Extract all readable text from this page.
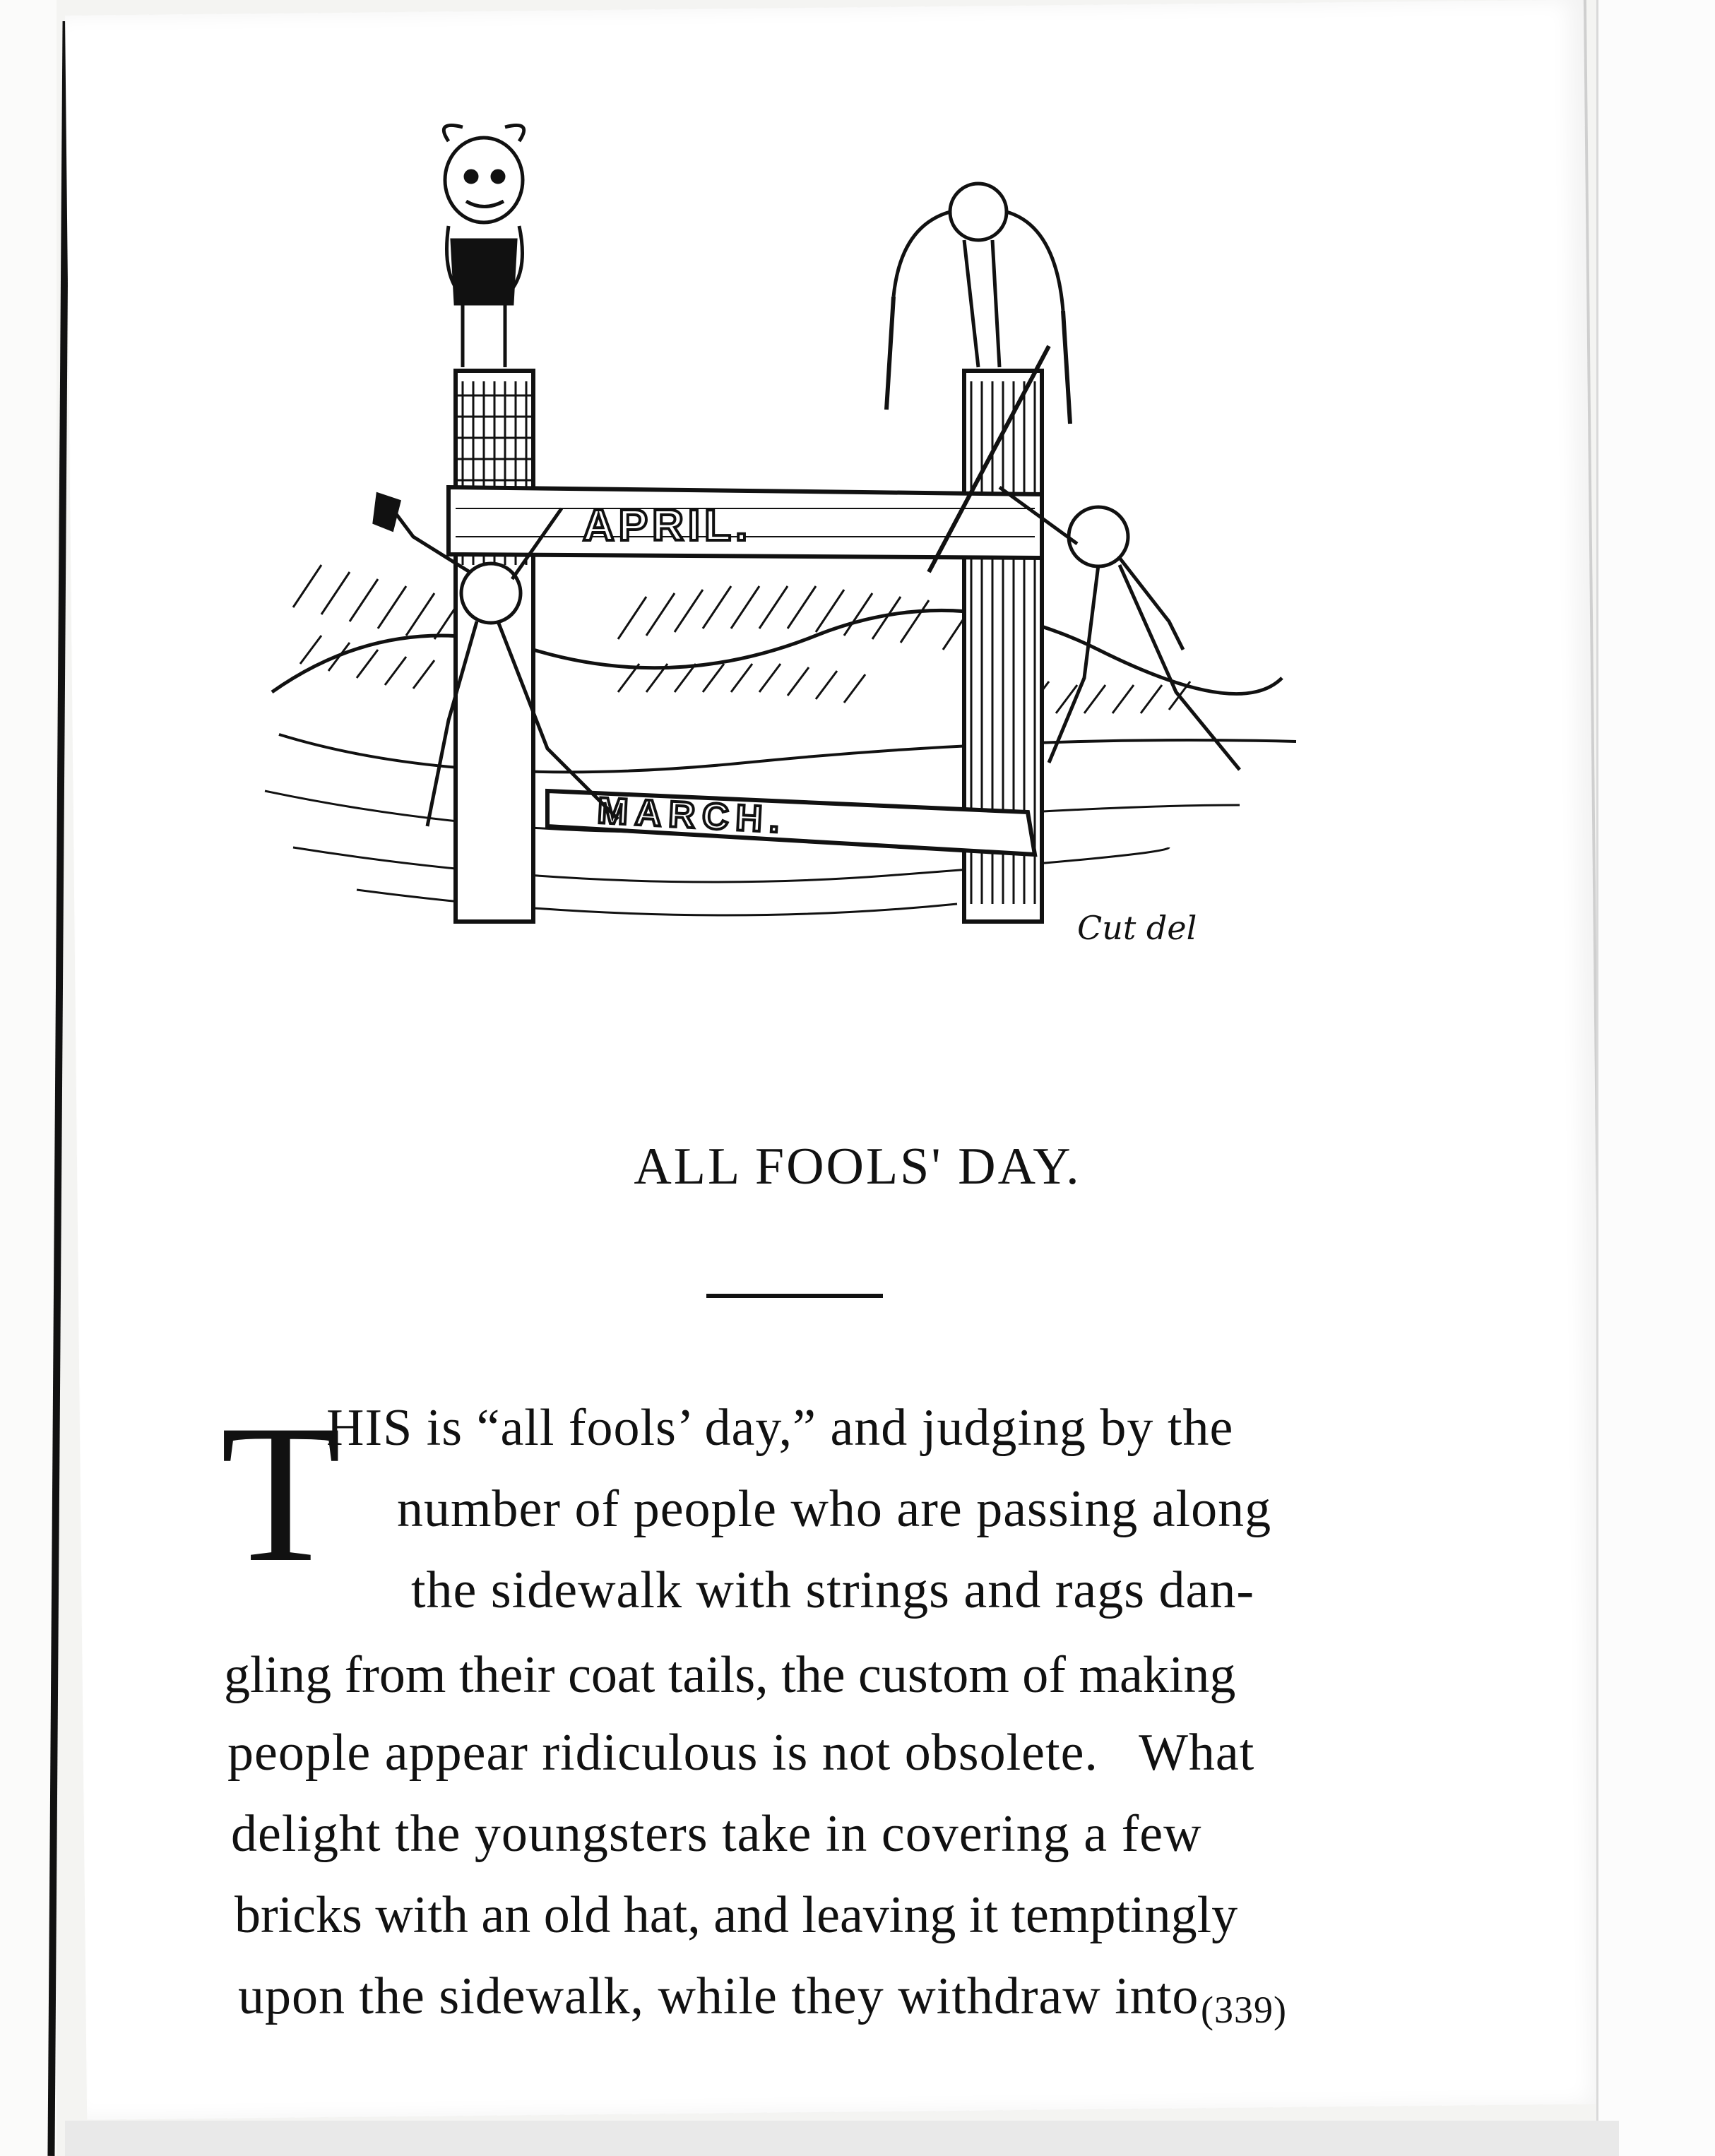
APRIL.
MARCH.
Cut del
ALL FOOLS' DAY.
T
HIS is “all fools’ day,” and judging by the
number of people who are passing along
the sidewalk with strings and rags dan-
gling from their coat tails, the custom of making
people appear ridiculous is not obsolete.   What
delight the youngsters take in covering a few
bricks with an old hat, and leaving it temptingly
upon the sidewalk, while they withdraw into (339)
